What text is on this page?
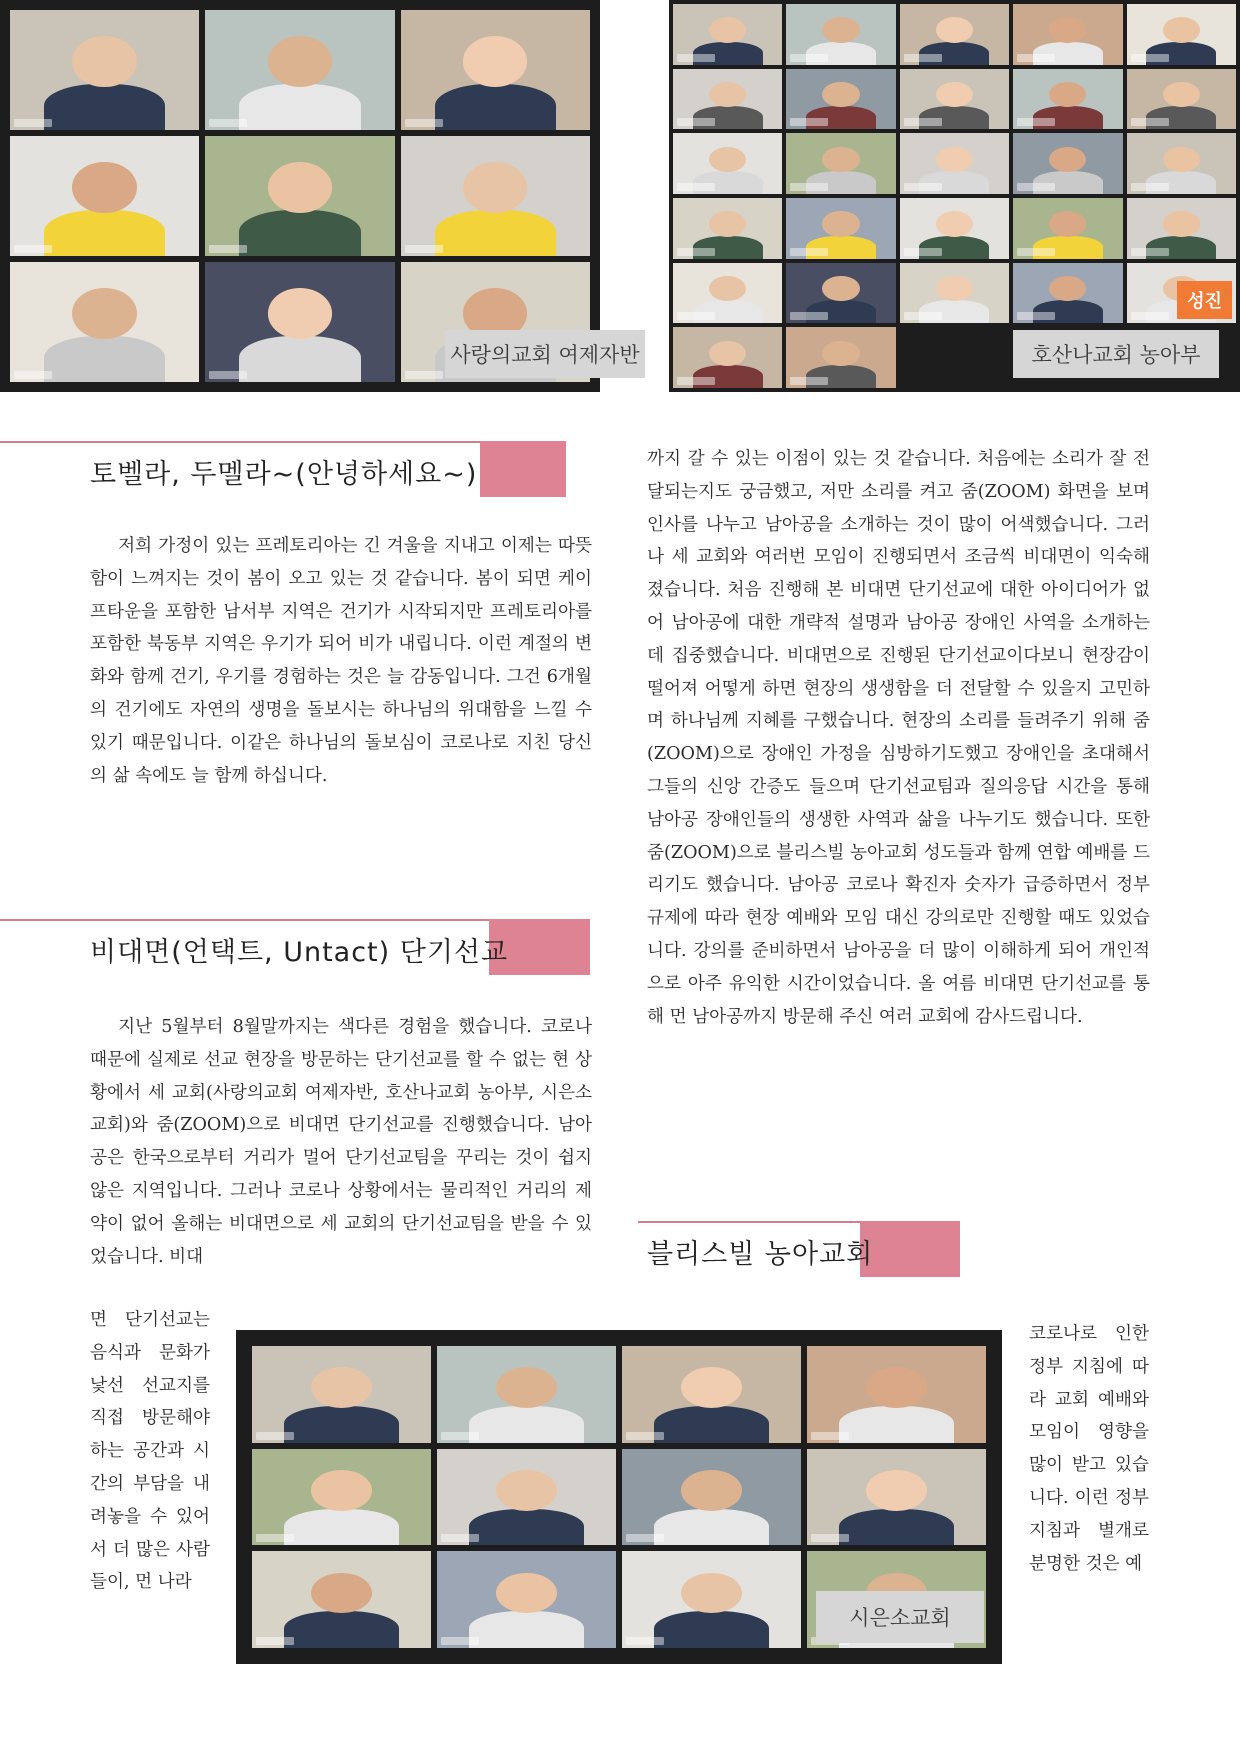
사랑의교회 여제자반
성진
호산나교회 농아부
토벨라, 두멜라~(안녕하세요~)

저희 가정이 있는 프레토리아는 긴 겨울을 지내고 이제는 따뜻함이 느껴지는 것이 봄이 오고 있는 것 같습니다. 봄이 되면 케이프타운을 포함한 남서부 지역은 건기가 시작되지만 프레토리아를 포함한 북동부 지역은 우기가 되어 비가 내립니다. 이런 계절의 변화와 함께 건기, 우기를 경험하는 것은 늘 감동입니다. 그건 6개월의 건기에도 자연의 생명을 돌보시는 하나님의 위대함을 느낄 수 있기 때문입니다. 이같은 하나님의 돌보심이 코로나로 지친 당신의 삶 속에도 늘 함께 하십니다.

비대면(언택트, Untact) 단기선교

지난 5월부터 8월말까지는 색다른 경험을 했습니다. 코로나 때문에 실제로 선교 현장을 방문하는 단기선교를 할 수 없는 현 상황에서 세 교회(사랑의교회 여제자반, 호산나교회 농아부, 시은소 교회)와 줌(ZOOM)으로 비대면 단기선교를 진행했습니다. 남아공은 한국으로부터 거리가 멀어 단기선교팀을 꾸리는 것이 쉽지 않은 지역입니다. 그러나 코로나 상황에서는 물리적인 거리의 제약이 없어 올해는 비대면으로 세 교회의 단기선교팀을 받을 수 있었습니다. 비대

면 단기선교는 음식과 문화가 낯선 선교지를 직접 방문해야 하는 공간과 시간의 부담을 내려놓을 수 있어서 더 많은 사람들이, 먼 나라
까지 갈 수 있는 이점이 있는 것 같습니다. 처음에는 소리가 잘 전달되는지도 궁금했고, 저만 소리를 켜고 줌(ZOOM) 화면을 보며 인사를 나누고 남아공을 소개하는 것이 많이 어색했습니다. 그러나 세 교회와 여러번 모임이 진행되면서 조금씩 비대면이 익숙해졌습니다. 처음 진행해 본 비대면 단기선교에 대한 아이디어가 없어 남아공에 대한 개략적 설명과 남아공 장애인 사역을 소개하는데 집중했습니다. 비대면으로 진행된 단기선교이다보니 현장감이 떨어져 어떻게 하면 현장의 생생함을 더 전달할 수 있을지 고민하며 하나님께 지혜를 구했습니다. 현장의 소리를 들려주기 위해 줌(ZOOM)으로 장애인 가정을 심방하기도했고 장애인을 초대해서 그들의 신앙 간증도 들으며 단기선교팀과 질의응답 시간을 통해 남아공 장애인들의 생생한 사역과 삶을 나누기도 했습니다. 또한 줌(ZOOM)으로 블리스빌 농아교회 성도들과 함께 연합 예배를 드리기도 했습니다. 남아공 코로나 확진자 숫자가 급증하면서 정부 규제에 따라 현장 예배와 모임 대신 강의로만 진행할 때도 있었습니다. 강의를 준비하면서 남아공을 더 많이 이해하게 되어 개인적으로 아주 유익한 시간이었습니다. 올 여름 비대면 단기선교를 통해 먼 남아공까지 방문해 주신 여러 교회에 감사드립니다.
블리스빌 농아교회
시은소교회
코로나로 인한 정부 지침에 따라 교회 예배와 모임이 영향을 많이 받고 있습니다. 이런 정부 지침과 별개로 분명한 것은 예
